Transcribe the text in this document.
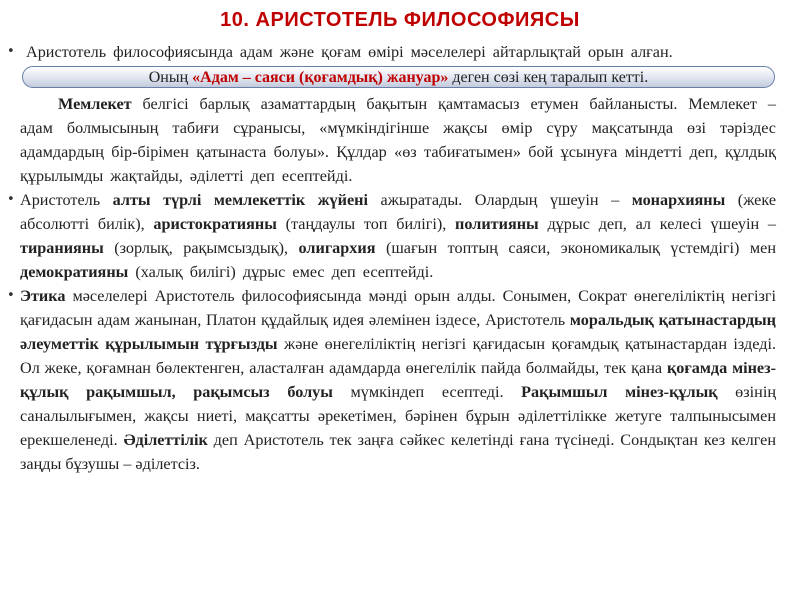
10. АРИСТОТЕЛЬ ФИЛОСОФИЯСЫ

• Аристотель философиясында адам және қоғам өмірі мәселелері айтарлықтай орын алған.

Оның «Адам – саяси (қоғамдық) жануар» деген сөзі кең таралып кетті.

Мемлекет белгісі барлық азаматтардың бақытын қамтамасыз етумен байланысты. Мемлекет – адам болмысының табиғи сұранысы, «мүмкіндігінше жақсы өмір сүру мақсатында өзі тәріздес адамдардың бір-бірімен қатынаста болуы». Құлдар «өз табиғатымен» бой ұсынуға міндетті деп, құлдық құрылымды жақтайды, әділетті деп есептейді.

• Аристотель алты түрлі мемлекеттік жүйені ажыратады. Олардың үшеуін – монархияны (жеке абсолютті билік), аристократияны (таңдаулы топ билігі), политияны дұрыс деп, ал келесі үшеуін – тиранияны (зорлық, рақымсыздық), олигархия (шағын топтың саяси, экономикалық үстемдігі) мен демократияны (халық билігі) дұрыс емес деп есептейді.

• Этика мәселелері Аристотель философиясында мәнді орын алды. Сонымен, Сократ өнегеліліктің негізгі қағидасын адам жанынан, Платон құдайлық идея әлемінен іздесе, Аристотель моральдық қатынастардың әлеуметтік құрылымын тұрғызды және өнегеліліктің негізгі қағидасын қоғамдық қатынастардан іздеді. Ол жеке, қоғамнан бөлектенген, аласталған адамдарда өнегелілік пайда болмайды, тек қана қоғамда мінез-құлық рақымшыл, рақымсыз болуы мүмкіндеп есептеді. Рақымшыл мінез-құлық өзінің саналылығымен, жақсы ниеті, мақсатты әрекетімен, бәрінен бұрын әділеттілікке жетуге талпынысымен ерекшеленеді. Әділеттілік деп Аристотель тек заңға сәйкес келетінді ғана түсінеді. Сондықтан кез келген заңды бұзушы – әділетсіз.
